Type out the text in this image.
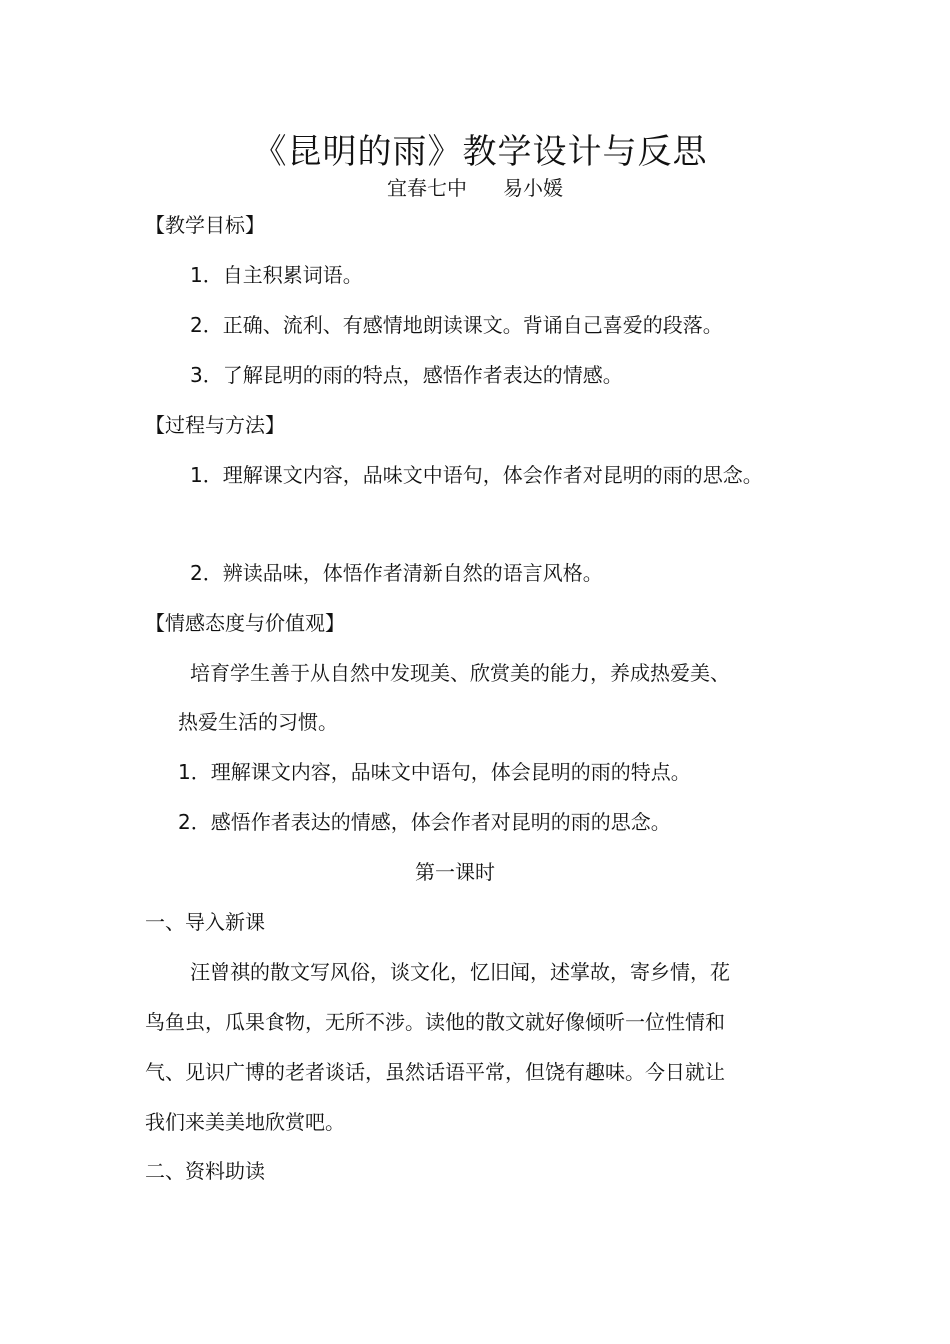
《昆明的雨》教学设计与反思
宜春七中 易小媛
【教学目标】
1．自主积累词语。
2．正确、流利、有感情地朗读课文。背诵自己喜爱的段落。
3．了解昆明的雨的特点，感悟作者表达的情感。
【过程与方法】
1．理解课文内容，品味文中语句，体会作者对昆明的雨的思念。
2．辨读品味，体悟作者清新自然的语言风格。
【情感态度与价值观】
培育学生善于从自然中发现美、欣赏美的能力，养成热爱美、
热爱生活的习惯。
1．理解课文内容，品味文中语句，体会昆明的雨的特点。
2．感悟作者表达的情感，体会作者对昆明的雨的思念。
第一课时
一、导入新课
汪曾祺的散文写风俗，谈文化，忆旧闻，述掌故，寄乡情，花
鸟鱼虫，瓜果食物，无所不涉。读他的散文就好像倾听一位性情和
气、见识广博的老者谈话，虽然话语平常，但饶有趣味。今日就让
我们来美美地欣赏吧。
二、资料助读
